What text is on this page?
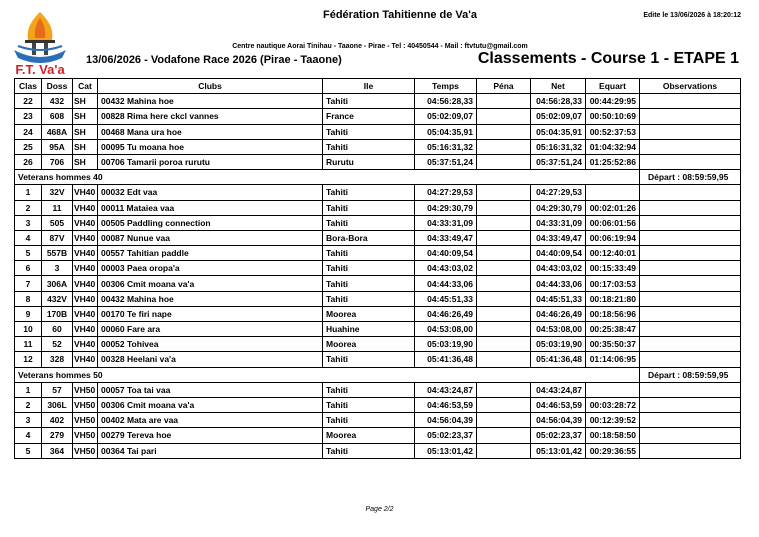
F.T. Va'a
Fédération Tahitienne de Va'a	Edite le 13/06/2026 à 18:20:12
Centre nautique Aorai Tinihau - Taaone - Pirae - Tel : 40450544 - Mail : ftvtutu@gmail.com
13/06/2026 - Vodafone Race 2026 (Pirae - Taaone)	Classements - Course 1 - ETAPE 1
Clas	Doss	Cat	Clubs	Ile	Temps	Péna	Net	Equart	Observations
22	432	SH	00432 Mahina hoe	Tahiti	04:56:28,33		04:56:28,33	00:44:29:95	
23	608	SH	00828 Rima here ckcl vannes	France	05:02:09,07		05:02:09,07	00:50:10:69	
24	468A	SH	00468 Mana ura hoe	Tahiti	05:04:35,91		05:04:35,91	00:52:37:53	
25	95A	SH	00095 Tu moana hoe	Tahiti	05:16:31,32		05:16:31,32	01:04:32:94	
26	706	SH	00706 Tamarii poroa rurutu	Rurutu	05:37:51,24		05:37:51,24	01:25:52:86	
Veterans hommes 40									Départ : 08:59:59,95
1	32V	VH40	00032 Edt vaa	Tahiti	04:27:29,53		04:27:29,53		
2	11	VH40	00011 Mataiea vaa	Tahiti	04:29:30,79		04:29:30,79	00:02:01:26	
3	505	VH40	00505 Paddling connection	Tahiti	04:33:31,09		04:33:31,09	00:06:01:56	
4	87V	VH40	00087 Nunue vaa	Bora-Bora	04:33:49,47		04:33:49,47	00:06:19:94	
5	557B	VH40	00557 Tahitian paddle	Tahiti	04:40:09,54		04:40:09,54	00:12:40:01	
6	3	VH40	00003 Paea oropa'a	Tahiti	04:43:03,02		04:43:03,02	00:15:33:49	
7	306A	VH40	00306 Cmit moana va'a	Tahiti	04:44:33,06		04:44:33,06	00:17:03:53	
8	432V	VH40	00432 Mahina hoe	Tahiti	04:45:51,33		04:45:51,33	00:18:21:80	
9	170B	VH40	00170 Te firi nape	Moorea	04:46:26,49		04:46:26,49	00:18:56:96	
10	60	VH40	00060 Fare ara	Huahine	04:53:08,00		04:53:08,00	00:25:38:47	
11	52	VH40	00052 Tohivea	Moorea	05:03:19,90		05:03:19,90	00:35:50:37	
12	328	VH40	00328 Heelani va'a	Tahiti	05:41:36,48		05:41:36,48	01:14:06:95	
Veterans hommes 50									Départ : 08:59:59,95
1	57	VH50	00057 Toa tai vaa	Tahiti	04:43:24,87		04:43:24,87		
2	306L	VH50	00306 Cmit moana va'a	Tahiti	04:46:53,59		04:46:53,59	00:03:28:72	
3	402	VH50	00402 Mata are vaa	Tahiti	04:56:04,39		04:56:04,39	00:12:39:52	
4	279	VH50	00279 Tereva hoe	Moorea	05:02:23,37		05:02:23,37	00:18:58:50	
5	364	VH50	00364 Tai pari	Tahiti	05:13:01,42		05:13:01,42	00:29:36:55	
Page 2/2
